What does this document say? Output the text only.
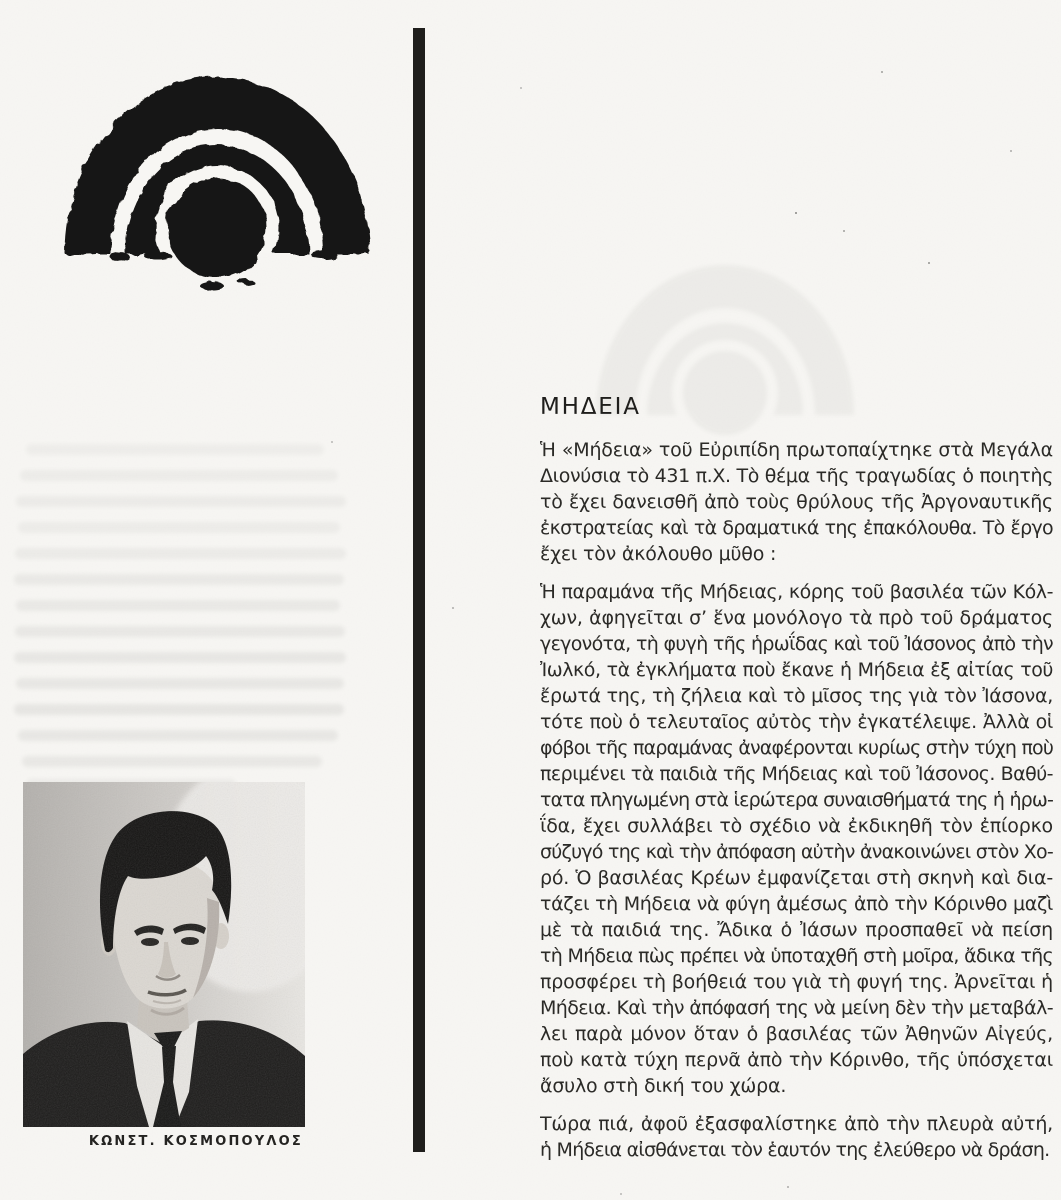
ΚΩΝΣΤ. ΚΟΣΜΟΠΟΥΛΟΣ
ΜΗΔΕΙΑ
Ἡ «Μήδεια» τοῦ Εὐριπίδη πρωτοπαίχτηκε στὰ Μεγάλα
Διονύσια τὸ 431 π.Χ. Τὸ θέμα τῆς τραγωδίας ὁ ποιητὴς
τὸ ἔχει δανεισθῆ ἀπὸ τοὺς θρύλους τῆς Ἀργοναυτικῆς
ἐκστρατείας καὶ τὰ δραματικά της ἐπακόλουθα. Τὸ ἔργο
ἔχει τὸν ἀκόλουθο μῦθο :
Ἡ παραμάνα τῆς Μήδειας, κόρης τοῦ βασιλέα τῶν Κόλ-
χων, ἀφηγεῖται σ’ ἕνα μονόλογο τὰ πρὸ τοῦ δράματος
γεγονότα, τὴ φυγὴ τῆς ἡρωΐδας καὶ τοῦ Ἰάσονος ἀπὸ τὴν
Ἰωλκό, τὰ ἐγκλήματα ποὺ ἔκανε ἡ Μήδεια ἐξ αἰτίας τοῦ
ἔρωτά της, τὴ ζήλεια καὶ τὸ μῖσος της γιὰ τὸν Ἰάσονα,
τότε ποὺ ὁ τελευταῖος αὐτὸς τὴν ἐγκατέλειψε. Ἀλλὰ οἱ
φόβοι τῆς παραμάνας ἀναφέρονται κυρίως στὴν τύχη ποὺ
περιμένει τὰ παιδιὰ τῆς Μήδειας καὶ τοῦ Ἰάσονος. Βαθύ-
τατα πληγωμένη στὰ ἱερώτερα συναισθήματά της ἡ ἡρω-
ΐδα, ἔχει συλλάβει τὸ σχέδιο νὰ ἐκδικηθῆ τὸν ἐπίορκο
σύζυγό της καὶ τὴν ἀπόφαση αὐτὴν ἀνακοινώνει στὸν Χο-
ρό. Ὁ βασιλέας Κρέων ἐμφανίζεται στὴ σκηνὴ καὶ δια-
τάζει τὴ Μήδεια νὰ φύγη ἀμέσως ἀπὸ τὴν Κόρινθο μαζὶ
μὲ τὰ παιδιά της. Ἄδικα ὁ Ἰάσων προσπαθεῖ νὰ πείση
τὴ Μήδεια πὼς πρέπει νὰ ὑποταχθῆ στὴ μοῖρα, ἄδικα τῆς
προσφέρει τὴ βοήθειά του γιὰ τὴ φυγή της. Ἀρνεῖται ἡ
Μήδεια. Καὶ τὴν ἀπόφασή της νὰ μείνη δὲν τὴν μεταβάλ-
λει παρὰ μόνον ὅταν ὁ βασιλέας τῶν Ἀθηνῶν Αἰγεύς,
ποὺ κατὰ τύχη περνᾶ ἀπὸ τὴν Κόρινθο, τῆς ὑπόσχεται
ἄσυλο στὴ δική του χώρα.
Τώρα πιά, ἀφοῦ ἐξασφαλίστηκε ἀπὸ τὴν πλευρὰ αὐτή,
ἡ Μήδεια αἰσθάνεται τὸν ἑαυτόν της ἐλεύθερο νὰ δράση.
